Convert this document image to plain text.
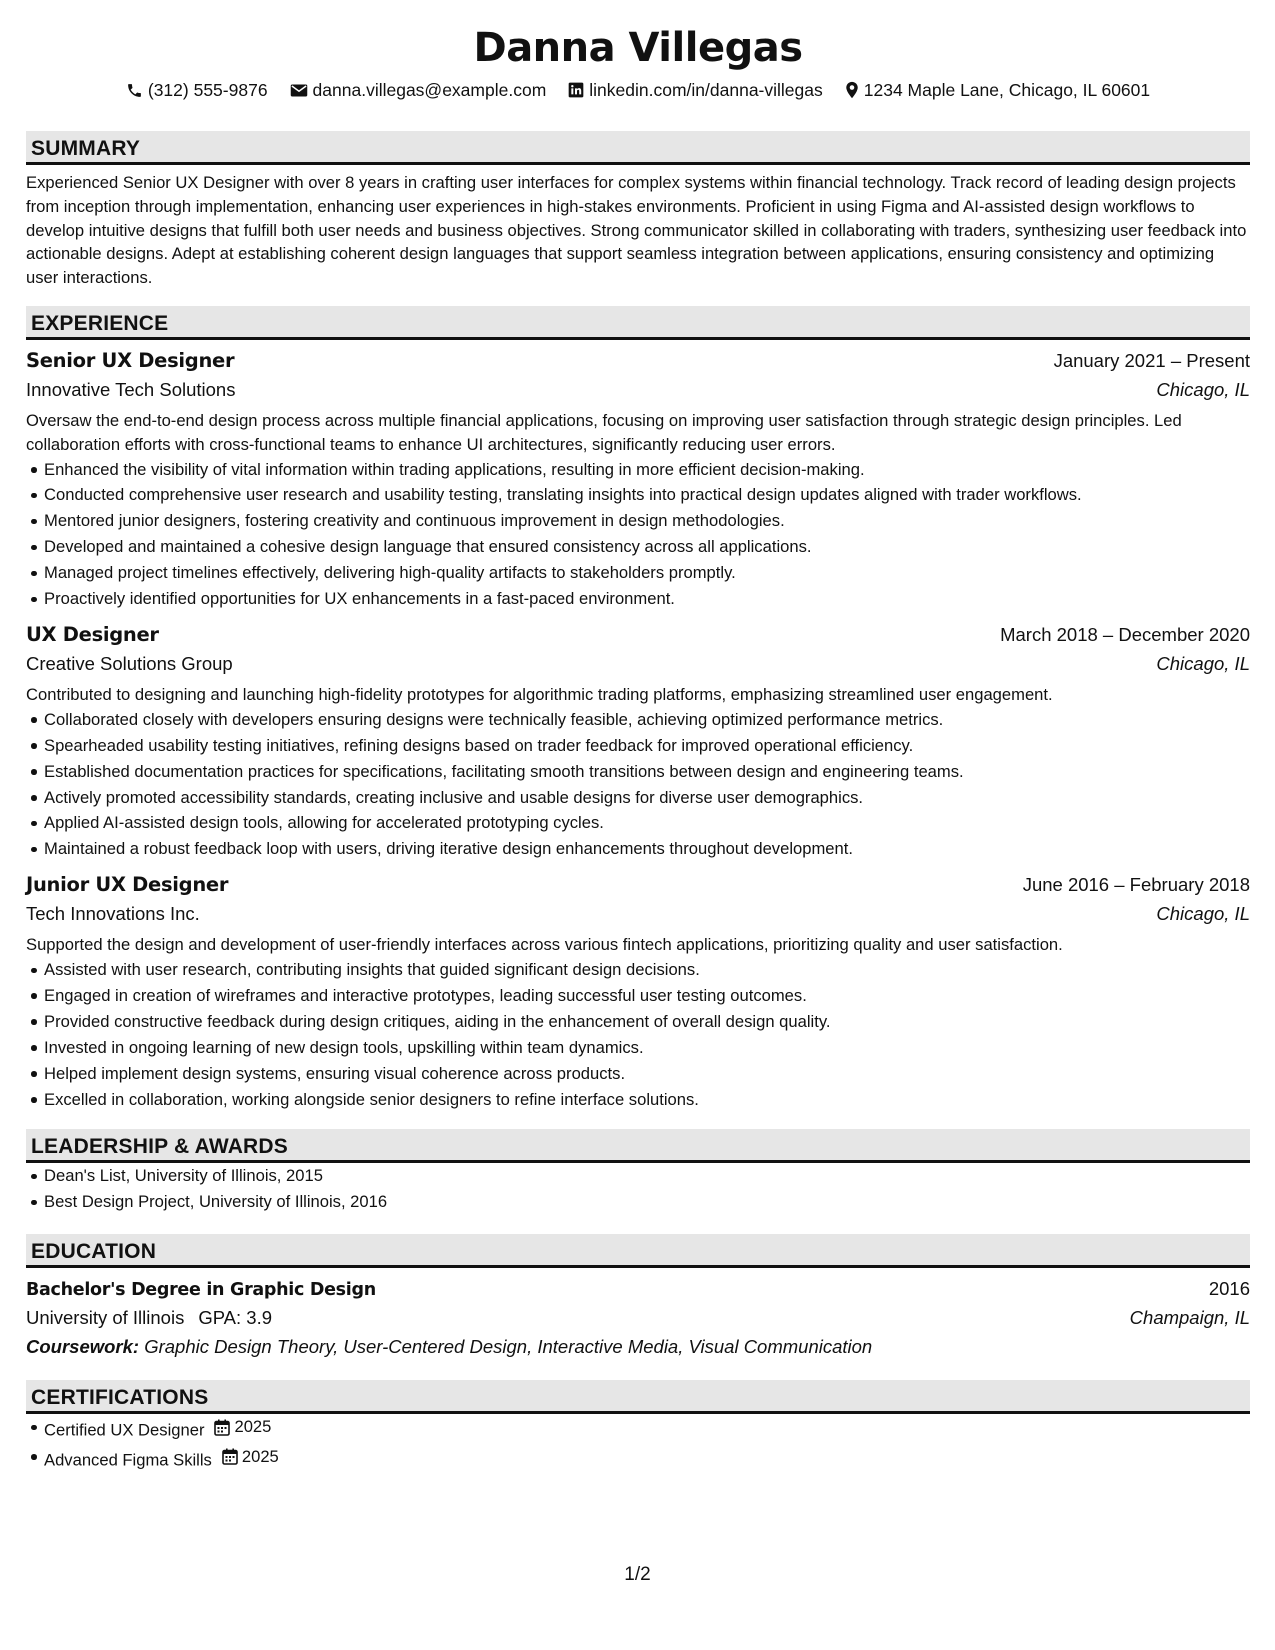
Danna Villegas
(312) 555-9876	danna.villegas@example.com linkedin.com/in/danna-villegas 1234 Maple Lane, Chicago, IL 60601
SUMMARY
Experienced Senior UX Designer with over 8 years in crafting user interfaces for complex systems within financial technology. Track record of leading design projects from inception through implementation, enhancing user experiences in high-stakes environments. Proficient in using Figma and AI-assisted design workflows to develop intuitive designs that fulfill both user needs and business objectives. Strong communicator skilled in collaborating with traders, synthesizing user feedback into actionable designs. Adept at establishing coherent design languages that support seamless integration between applications, ensuring consistency and optimizing user interactions.
EXPERIENCE
Senior UX Designer	January 2021 – Present
Innovative Tech Solutions	Chicago, IL
Oversaw the end-to-end design process across multiple financial applications, focusing on improving user satisfaction through strategic design principles. Led collaboration efforts with cross-functional teams to enhance UI architectures, significantly reducing user errors.
Enhanced the visibility of vital information within trading applications, resulting in more efficient decision-making.
Conducted comprehensive user research and usability testing, translating insights into practical design updates aligned with trader workflows.
Mentored junior designers, fostering creativity and continuous improvement in design methodologies.
Developed and maintained a cohesive design language that ensured consistency across all applications.
Managed project timelines effectively, delivering high-quality artifacts to stakeholders promptly.
Proactively identified opportunities for UX enhancements in a fast-paced environment.
UX Designer	March 2018 – December 2020
Creative Solutions Group	Chicago, IL
Contributed to designing and launching high-fidelity prototypes for algorithmic trading platforms, emphasizing streamlined user engagement.
Collaborated closely with developers ensuring designs were technically feasible, achieving optimized performance metrics.
Spearheaded usability testing initiatives, refining designs based on trader feedback for improved operational efficiency.
Established documentation practices for specifications, facilitating smooth transitions between design and engineering teams.
Actively promoted accessibility standards, creating inclusive and usable designs for diverse user demographics.
Applied AI-assisted design tools, allowing for accelerated prototyping cycles.
Maintained a robust feedback loop with users, driving iterative design enhancements throughout development.
Junior UX Designer	June 2016 – February 2018
Tech Innovations Inc.	Chicago, IL
Supported the design and development of user-friendly interfaces across various fintech applications, prioritizing quality and user satisfaction.
Assisted with user research, contributing insights that guided significant design decisions.
Engaged in creation of wireframes and interactive prototypes, leading successful user testing outcomes.
Provided constructive feedback during design critiques, aiding in the enhancement of overall design quality.
Invested in ongoing learning of new design tools, upskilling within team dynamics.
Helped implement design systems, ensuring visual coherence across products.
Excelled in collaboration, working alongside senior designers to refine interface solutions.
LEADERSHIP & AWARDS
Dean's List, University of Illinois, 2015
Best Design Project, University of Illinois, 2016
EDUCATION
Bachelor's Degree in Graphic Design	2016
University of Illinois GPA: 3.9	Champaign, IL
Coursework: Graphic Design Theory, User-Centered Design, Interactive Media, Visual Communication
CERTIFICATIONS
Certified UX Designer 2025
Advanced Figma Skills 2025
1/2
